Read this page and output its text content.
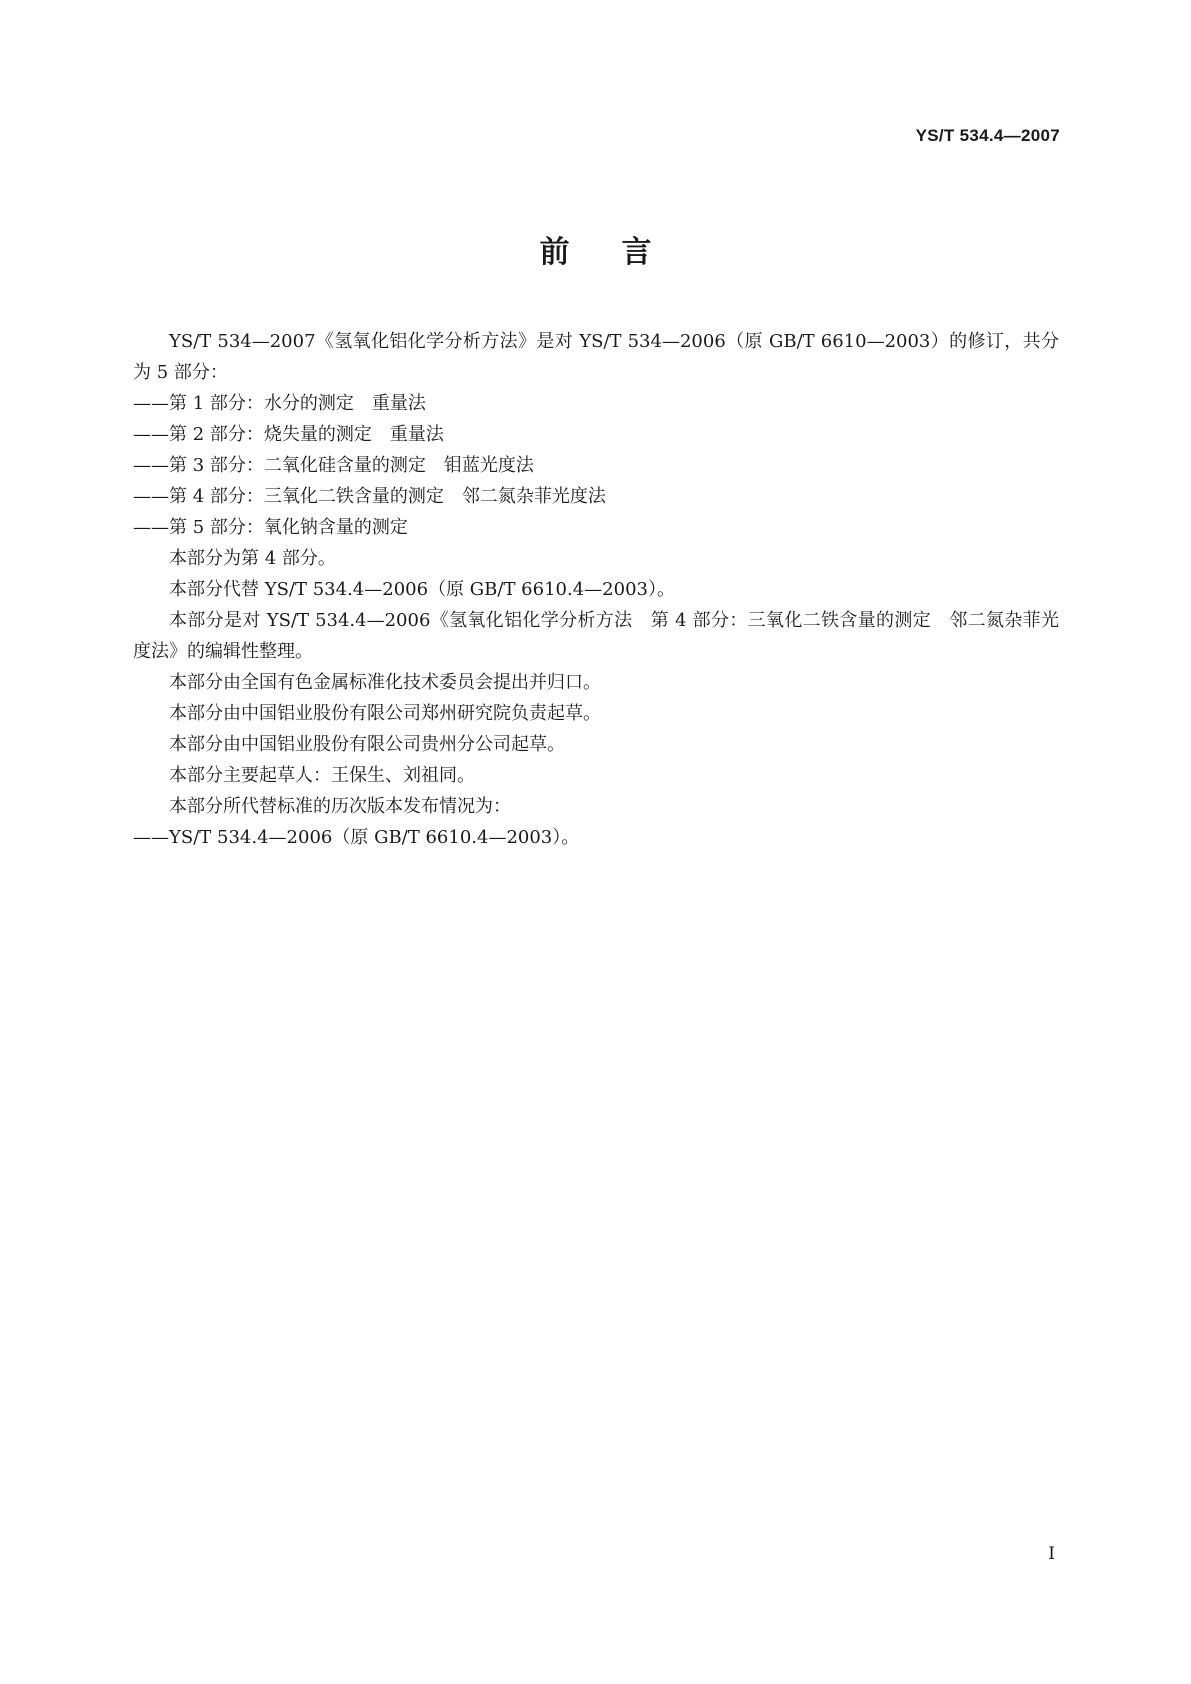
YS/T 534.4—2007
前言

YS/T 534—2007《氢氧化铝化学分析方法》是对 YS/T 534—2006（原 GB/T 6610—2003）的修订，共分为 5 部分：

——第 1 部分：水分的测定　重量法

——第 2 部分：烧失量的测定　重量法

——第 3 部分：二氧化硅含量的测定　钼蓝光度法

——第 4 部分：三氧化二铁含量的测定　邻二氮杂菲光度法

——第 5 部分：氧化钠含量的测定

本部分为第 4 部分。

本部分代替 YS/T 534.4—2006（原 GB/T 6610.4—2003）。

本部分是对 YS/T 534.4—2006《氢氧化铝化学分析方法　第 4 部分：三氧化二铁含量的测定　邻二氮杂菲光度法》的编辑性整理。

本部分由全国有色金属标准化技术委员会提出并归口。

本部分由中国铝业股份有限公司郑州研究院负责起草。

本部分由中国铝业股份有限公司贵州分公司起草。

本部分主要起草人：王保生、刘祖同。

本部分所代替标准的历次版本发布情况为：

——YS/T 534.4—2006（原 GB/T 6610.4—2003）。

I
